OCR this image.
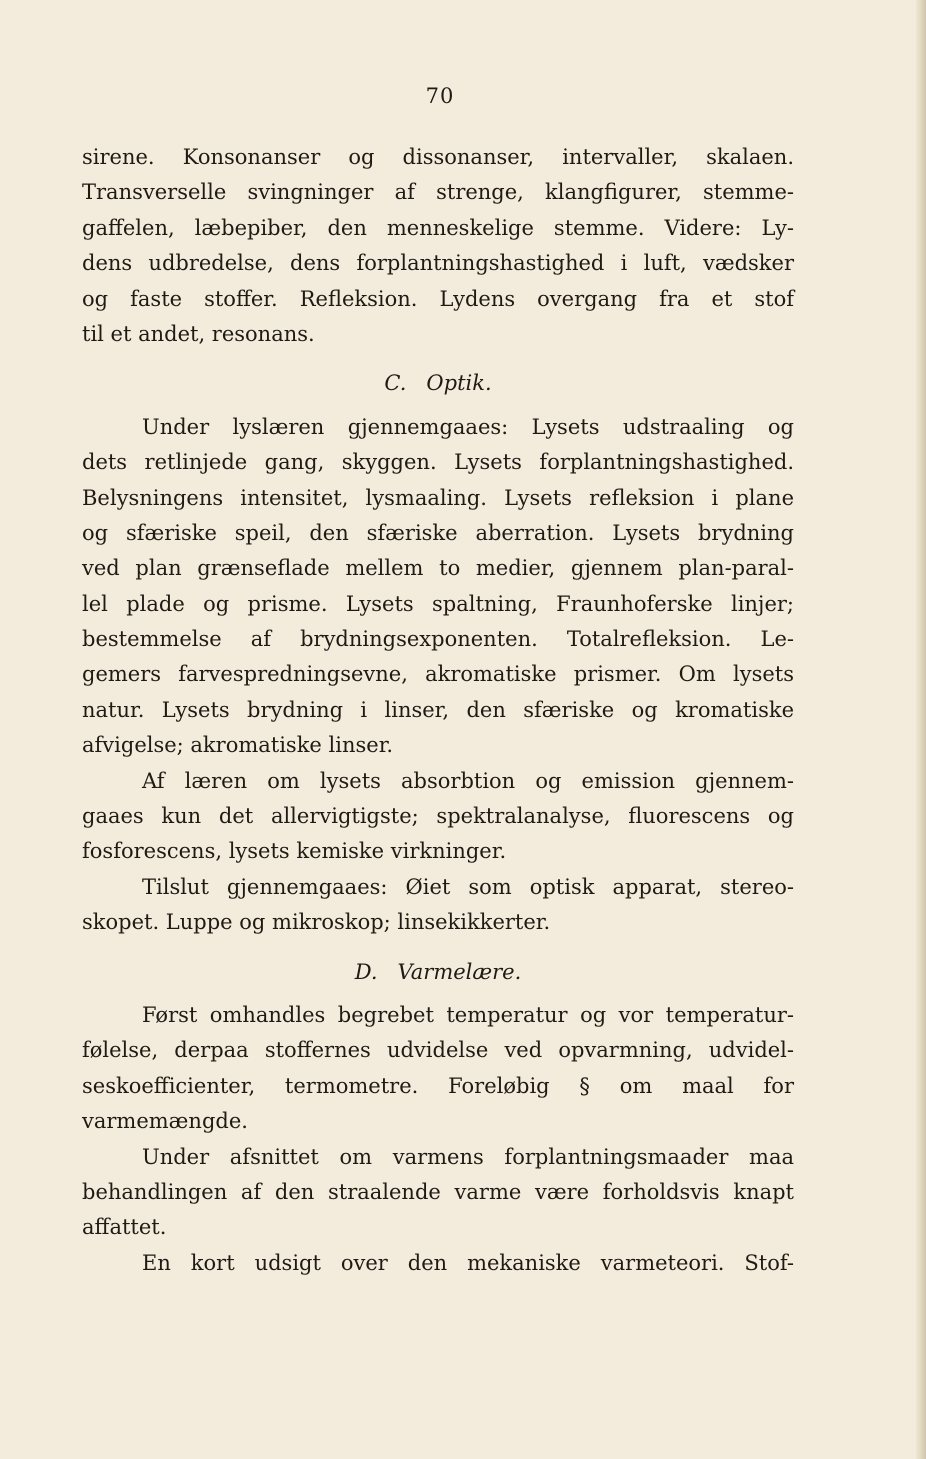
70
sirene. Konsonanser og dissonanser, intervaller, skalaen.
Transverselle svingninger af strenge, klangfigurer, stemme-
gaffelen, læbepiber, den menneskelige stemme. Videre: Ly-
dens udbredelse, dens forplantningshastighed i luft, vædsker
og faste stoffer. Refleksion. Lydens overgang fra et stof
til et andet, resonans.
C. Optik.
Under lyslæren gjennemgaaes: Lysets udstraaling og
dets retlinjede gang, skyggen. Lysets forplantningshastighed.
Belysningens intensitet, lysmaaling. Lysets refleksion i plane
og sfæriske speil, den sfæriske aberration. Lysets brydning
ved plan grænseflade mellem to medier, gjennem plan-paral-
lel plade og prisme. Lysets spaltning, Fraunhoferske linjer;
bestemmelse af brydningsexponenten. Totalrefleksion. Le-
gemers farvespredningsevne, akromatiske prismer. Om lysets
natur. Lysets brydning i linser, den sfæriske og kromatiske
afvigelse; akromatiske linser.
Af læren om lysets absorbtion og emission gjennem-
gaaes kun det allervigtigste; spektralanalyse, fluorescens og
fosforescens, lysets kemiske virkninger.
Tilslut gjennemgaaes: Øiet som optisk apparat, stereo-
skopet. Luppe og mikroskop; linsekikkerter.
D. Varmelære.
Først omhandles begrebet temperatur og vor temperatur-
følelse, derpaa stoffernes udvidelse ved opvarmning, udvidel-
seskoefficienter, termometre. Foreløbig § om maal for
varmemængde.
Under afsnittet om varmens forplantningsmaader maa
behandlingen af den straalende varme være forholdsvis knapt
affattet.
En kort udsigt over den mekaniske varmeteori. Stof-
